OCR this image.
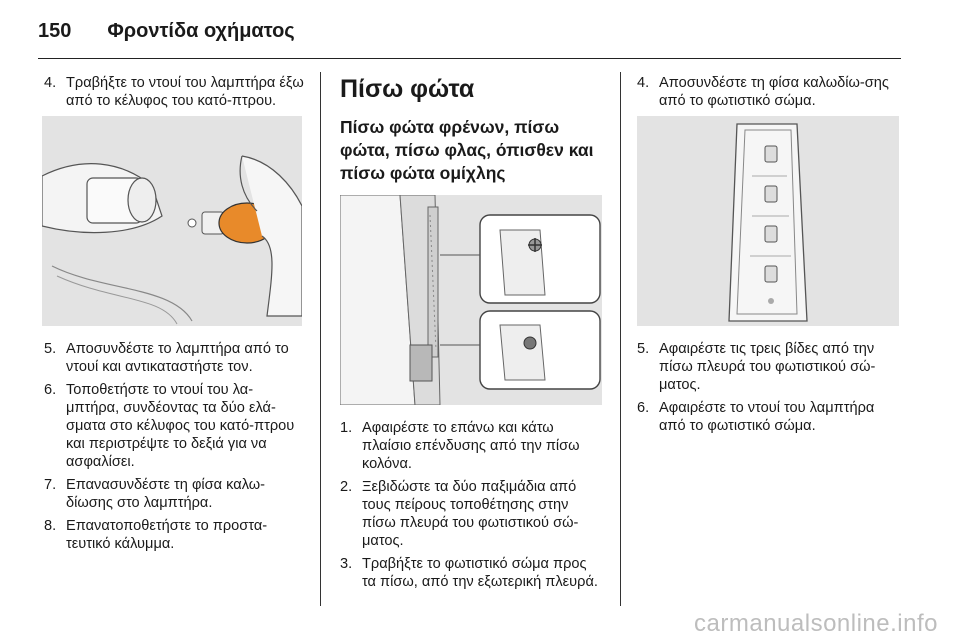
150 Φροντίδα οχήματος
4. Τραβήξτε το ντουί του λαμπτήρα έξω από το κέλυφος του κατό-πτρου.
5. Αποσυνδέστε το λαμπτήρα από το ντουί και αντικαταστήστε τον.
6. Τοποθετήστε το ντουί του λα-μπτήρα, συνδέοντας τα δύο ελά-σματα στο κέλυφος του κατό-πτρου και περιστρέψτε το δεξιά για να ασφαλίσει.
7. Επανασυνδέστε τη φίσα καλω-δίωσης στο λαμπτήρα.
8. Επανατοποθετήστε το προστα-τευτικό κάλυμμα.
Πίσω φώτα
Πίσω φώτα φρένων, πίσω φώτα, πίσω φλας, όπισθεν και πίσω φώτα ομίχλης
1. Αφαιρέστε το επάνω και κάτω πλαίσιο επένδυσης από την πίσω κολόνα.
2. Ξεβιδώστε τα δύο παξιμάδια από τους πείρους τοποθέτησης στην πίσω πλευρά του φωτιστικού σώ-ματος.
3. Τραβήξτε το φωτιστικό σώμα προς τα πίσω, από την εξωτερική πλευρά.
4. Αποσυνδέστε τη φίσα καλωδίω-σης από το φωτιστικό σώμα.
5. Αφαιρέστε τις τρεις βίδες από την πίσω πλευρά του φωτιστικού σώ-ματος.
6. Αφαιρέστε το ντουί του λαμπτήρα από το φωτιστικό σώμα.
carmanualsonline.info
